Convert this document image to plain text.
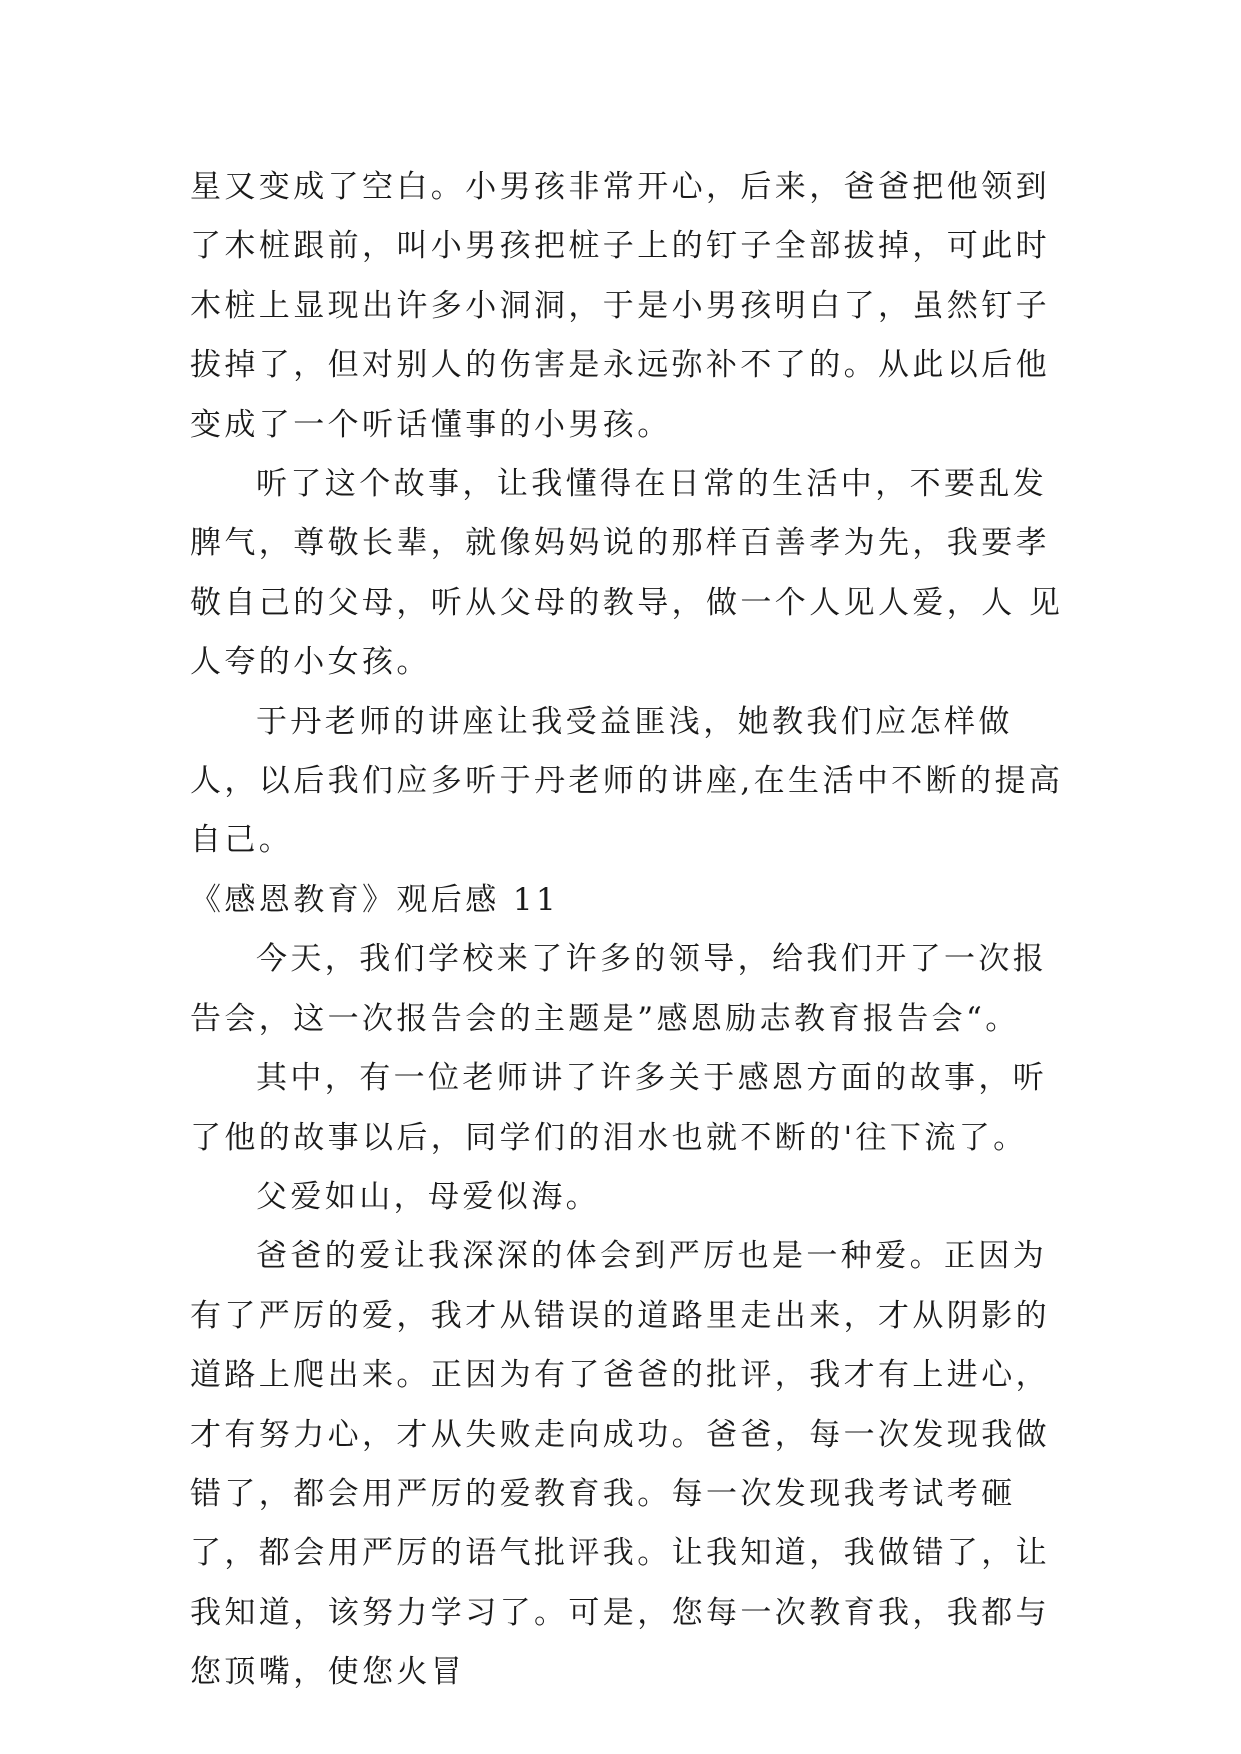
星又变成了空白。小男孩非常开心，后来，爸爸把他领到了木桩跟前，叫小男孩把桩子上的钉子全部拔掉，可此时木桩上显现出许多小洞洞，于是小男孩明白了，虽然钉子拔掉了，但对别人的伤害是永远弥补不了的。从此以后他变成了一个听话懂事的小男孩。

听了这个故事，让我懂得在日常的生活中，不要乱发脾气，尊敬长辈，就像妈妈说的那样百善孝为先，我要孝敬自己的父母，听从父母的教导，做一个人见人爱，人 见人夸的小女孩。

于丹老师的讲座让我受益匪浅，她教我们应怎样做人，以后我们应多听于丹老师的讲座,在生活中不断的提高自己。

《感恩教育》观后感 11

今天，我们学校来了许多的领导，给我们开了一次报告会，这一次报告会的主题是”感恩励志教育报告会“。

其中，有一位老师讲了许多关于感恩方面的故事，听了他的故事以后，同学们的泪水也就不断的'往下流了。

父爱如山，母爱似海。

爸爸的爱让我深深的体会到严厉也是一种爱。正因为有了严厉的爱，我才从错误的道路里走出来，才从阴影的道路上爬出来。正因为有了爸爸的批评，我才有上进心，才有努力心，才从失败走向成功。爸爸，每一次发现我做错了，都会用严厉的爱教育我。每一次发现我考试考砸了，都会用严厉的语气批评我。让我知道，我做错了，让我知道，该努力学习了。可是，您每一次教育我，我都与您顶嘴，使您火冒
